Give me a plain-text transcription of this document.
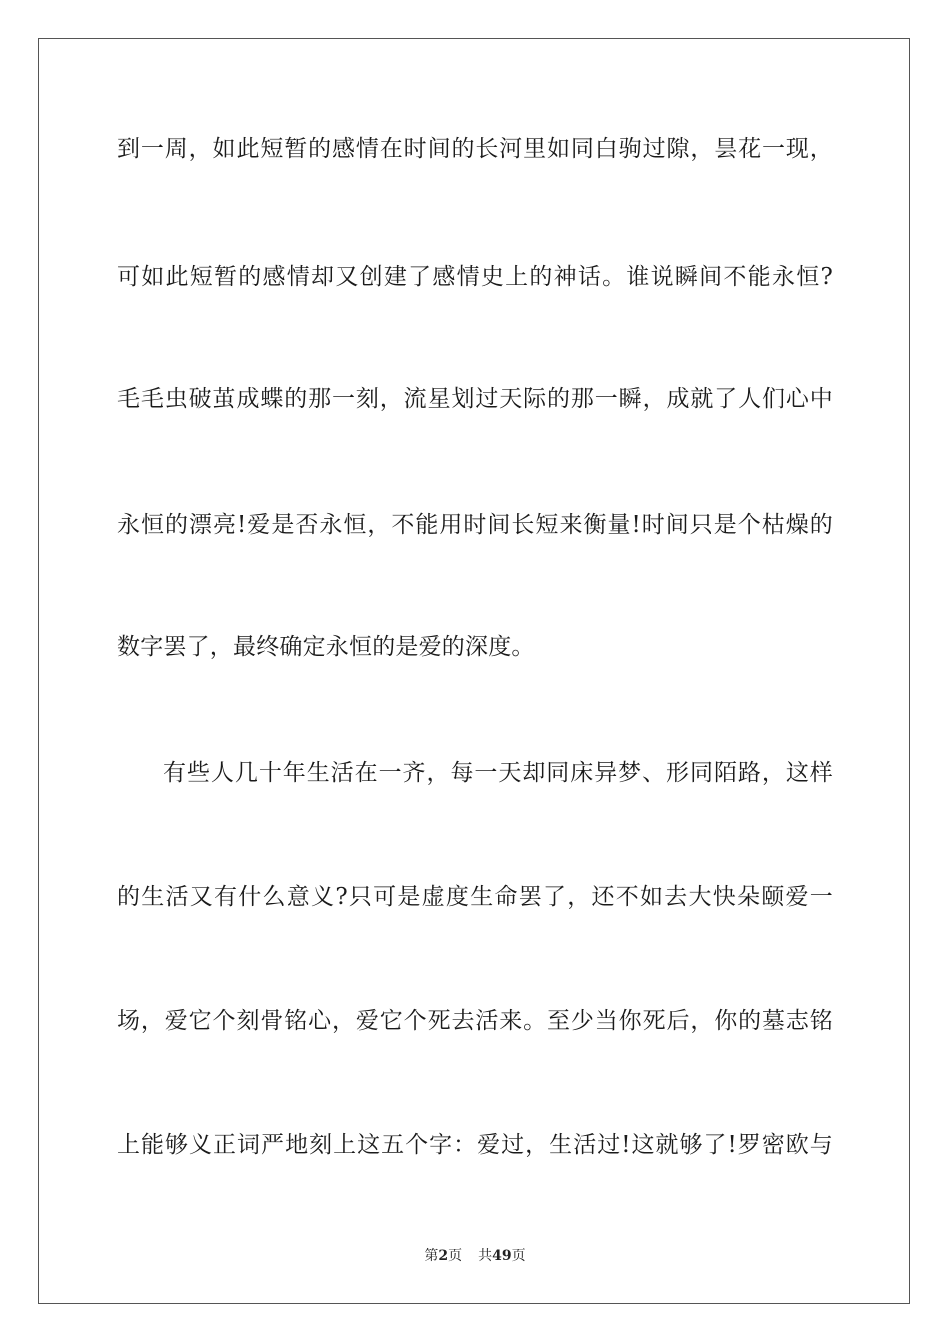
到一周，如此短暂的感情在时间的长河里如同白驹过隙，昙花一现，
可如此短暂的感情却又创建了感情史上的神话。谁说瞬间不能永恒?
毛毛虫破茧成蝶的那一刻，流星划过天际的那一瞬，成就了人们心中
永恒的漂亮!爱是否永恒，不能用时间长短来衡量!时间只是个枯燥的
数字罢了，最终确定永恒的是爱的深度。
有些人几十年生活在一齐，每一天却同床异梦、形同陌路，这样
的生活又有什么意义?只可是虚度生命罢了，还不如去大快朵颐爱一
场，爱它个刻骨铭心，爱它个死去活来。至少当你死后，你的墓志铭
上能够义正词严地刻上这五个字：爱过，生活过!这就够了!罗密欧与
第2页 共49页
